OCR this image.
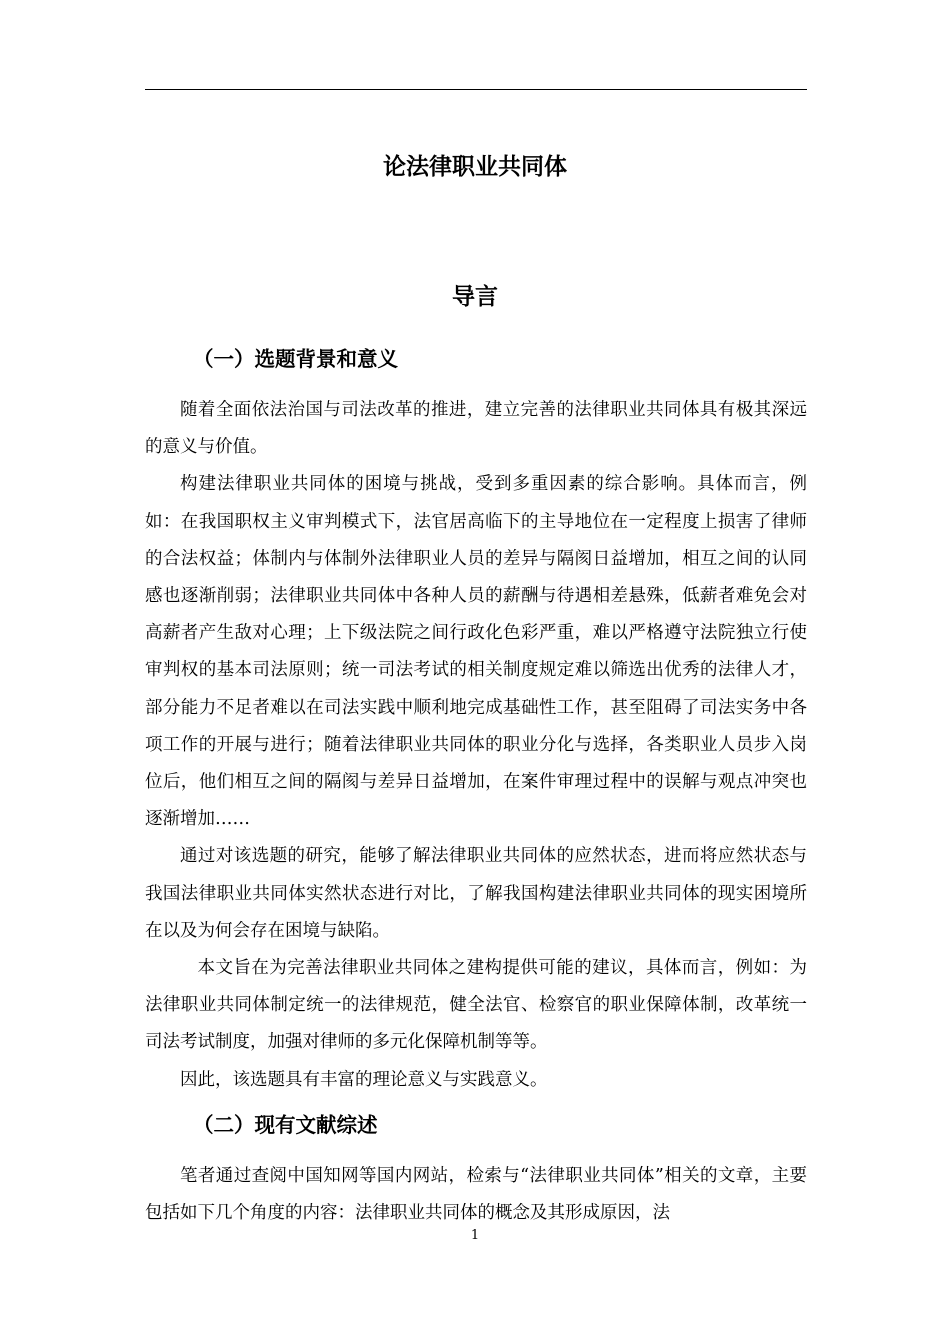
论法律职业共同体
导言
（一）选题背景和意义

随着全面依法治国与司法改革的推进，建立完善的法律职业共同体具有极其深远的意义与价值。

构建法律职业共同体的困境与挑战，受到多重因素的综合影响。具体而言，例如：在我国职权主义审判模式下，法官居高临下的主导地位在一定程度上损害了律师的合法权益；体制内与体制外法律职业人员的差异与隔阂日益增加，相互之间的认同感也逐渐削弱；法律职业共同体中各种人员的薪酬与待遇相差悬殊，低薪者难免会对高薪者产生敌对心理；上下级法院之间行政化色彩严重，难以严格遵守法院独立行使审判权的基本司法原则；统一司法考试的相关制度规定难以筛选出优秀的法律人才，部分能力不足者难以在司法实践中顺利地完成基础性工作，甚至阻碍了司法实务中各项工作的开展与进行；随着法律职业共同体的职业分化与选择，各类职业人员步入岗位后，他们相互之间的隔阂与差异日益增加，在案件审理过程中的误解与观点冲突也逐渐增加……

通过对该选题的研究，能够了解法律职业共同体的应然状态，进而将应然状态与我国法律职业共同体实然状态进行对比，了解我国构建法律职业共同体的现实困境所在以及为何会存在困境与缺陷。

本文旨在为完善法律职业共同体之建构提供可能的建议，具体而言，例如：为法律职业共同体制定统一的法律规范，健全法官、检察官的职业保障体制，改革统一司法考试制度，加强对律师的多元化保障机制等等。

因此，该选题具有丰富的理论意义与实践意义。

（二）现有文献综述

笔者通过查阅中国知网等国内网站，检索与“法律职业共同体”相关的文章，主要包括如下几个角度的内容：法律职业共同体的概念及其形成原因，法

1
